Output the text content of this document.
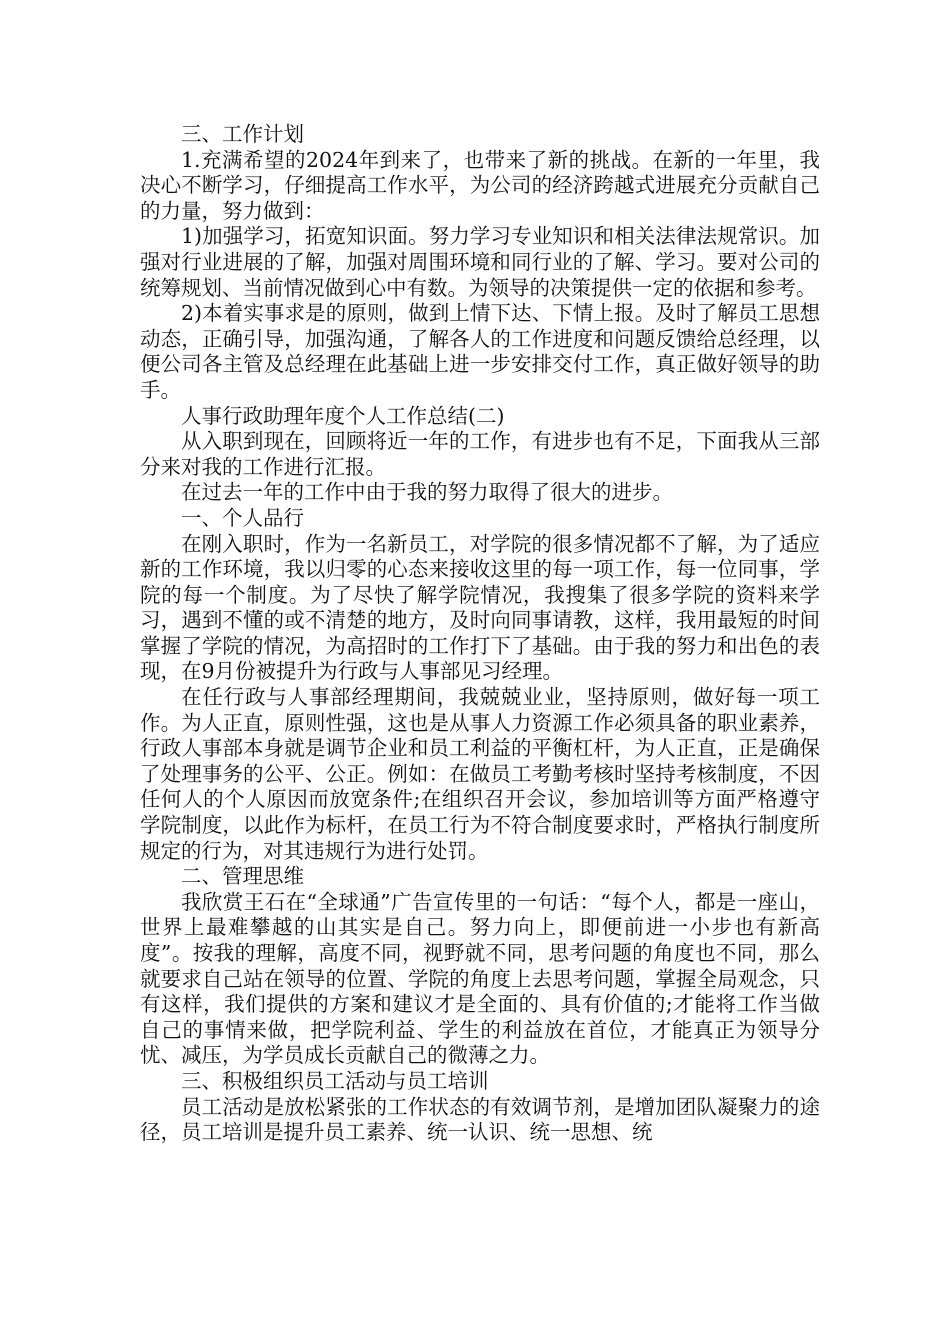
三、工作计划

1.充满希望的2024年到来了，也带来了新的挑战。在新的一年里，我决心不断学习，仔细提高工作水平，为公司的经济跨越式进展充分贡献自己的力量，努力做到：

1)加强学习，拓宽知识面。努力学习专业知识和相关法律法规常识。加强对行业进展的了解，加强对周围环境和同行业的了解、学习。要对公司的统筹规划、当前情况做到心中有数。为领导的决策提供一定的依据和参考。

2)本着实事求是的原则，做到上情下达、下情上报。及时了解员工思想动态，正确引导，加强沟通，了解各人的工作进度和问题反馈给总经理，以便公司各主管及总经理在此基础上进一步安排交付工作，真正做好领导的助手。

人事行政助理年度个人工作总结(二)

从入职到现在，回顾将近一年的工作，有进步也有不足，下面我从三部分来对我的工作进行汇报。

在过去一年的工作中由于我的努力取得了很大的进步。

一、个人品行

在刚入职时，作为一名新员工，对学院的很多情况都不了解，为了适应新的工作环境，我以归零的心态来接收这里的每一项工作，每一位同事，学院的每一个制度。为了尽快了解学院情况，我搜集了很多学院的资料来学习，遇到不懂的或不清楚的地方，及时向同事请教，这样，我用最短的时间掌握了学院的情况，为高招时的工作打下了基础。由于我的努力和出色的表现，在9月份被提升为行政与人事部见习经理。

在任行政与人事部经理期间，我兢兢业业，坚持原则，做好每一项工作。为人正直，原则性强，这也是从事人力资源工作必须具备的职业素养，行政人事部本身就是调节企业和员工利益的平衡杠杆，为人正直，正是确保了处理事务的公平、公正。例如：在做员工考勤考核时坚持考核制度，不因任何人的个人原因而放宽条件;在组织召开会议，参加培训等方面严格遵守学院制度，以此作为标杆，在员工行为不符合制度要求时，严格执行制度所规定的行为，对其违规行为进行处罚。

二、管理思维

我欣赏王石在“全球通”广告宣传里的一句话：“每个人，都是一座山，世界上最难攀越的山其实是自己。努力向上，即便前进一小步也有新高度”。按我的理解，高度不同，视野就不同，思考问题的角度也不同，那么就要求自己站在领导的位置、学院的角度上去思考问题，掌握全局观念，只有这样，我们提供的方案和建议才是全面的、具有价值的;才能将工作当做自己的事情来做，把学院利益、学生的利益放在首位，才能真正为领导分忧、减压，为学员成长贡献自己的微薄之力。

三、积极组织员工活动与员工培训

员工活动是放松紧张的工作状态的有效调节剂，是增加团队凝聚力的途径，员工培训是提升员工素养、统一认识、统一思想、统
